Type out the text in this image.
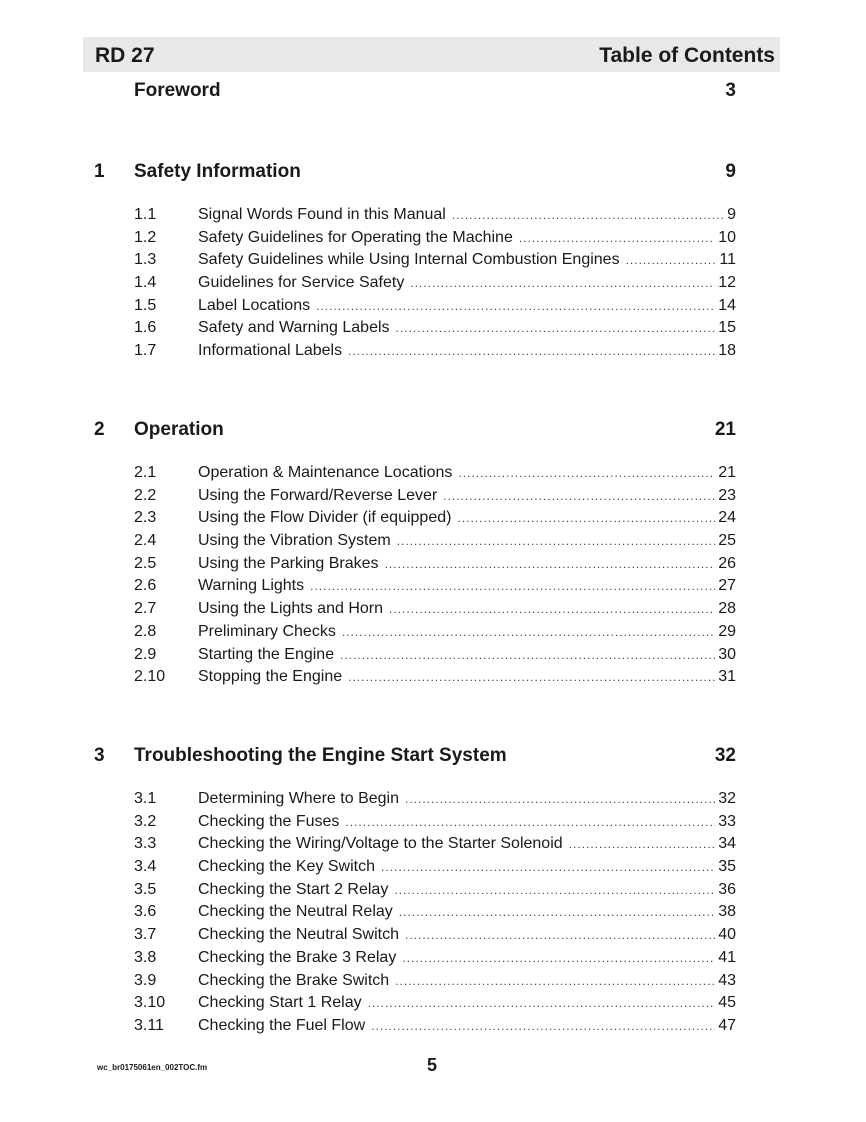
RD 27	Table of Contents
Foreword	3
1 Safety Information	9
1.1	Signal Words Found in this Manual .....	9
1.2	Safety Guidelines for Operating the Machine .....	10
1.3	Safety Guidelines while Using Internal Combustion Engines .....	11
1.4	Guidelines for Service Safety .....	12
1.5	Label Locations .....	14
1.6	Safety and Warning Labels .....	15
1.7	Informational Labels .....	18
2 Operation	21
2.1	Operation & Maintenance Locations .....	21
2.2	Using the Forward/Reverse Lever .....	23
2.3	Using the Flow Divider (if equipped) .....	24
2.4	Using the Vibration System .....	25
2.5	Using the Parking Brakes .....	26
2.6	Warning Lights .....	27
2.7	Using the Lights and Horn .....	28
2.8	Preliminary Checks .....	29
2.9	Starting the Engine .....	30
2.10 Stopping the Engine .....	31
3 Troubleshooting the Engine Start System	32
3.1	Determining Where to Begin .....	32
3.2	Checking the Fuses .....	33
3.3	Checking the Wiring/Voltage to the Starter Solenoid .....	34
3.4	Checking the Key Switch .....	35
3.5	Checking the Start 2 Relay .....	36
3.6	Checking the Neutral Relay .....	38
3.7	Checking the Neutral Switch .....	40
3.8	Checking the Brake 3 Relay .....	41
3.9	Checking the Brake Switch .....	43
3.10 Checking Start 1 Relay .....	45
3.11 Checking the Fuel Flow .....	47
wc_br0175061en_002TOC.fm	5
